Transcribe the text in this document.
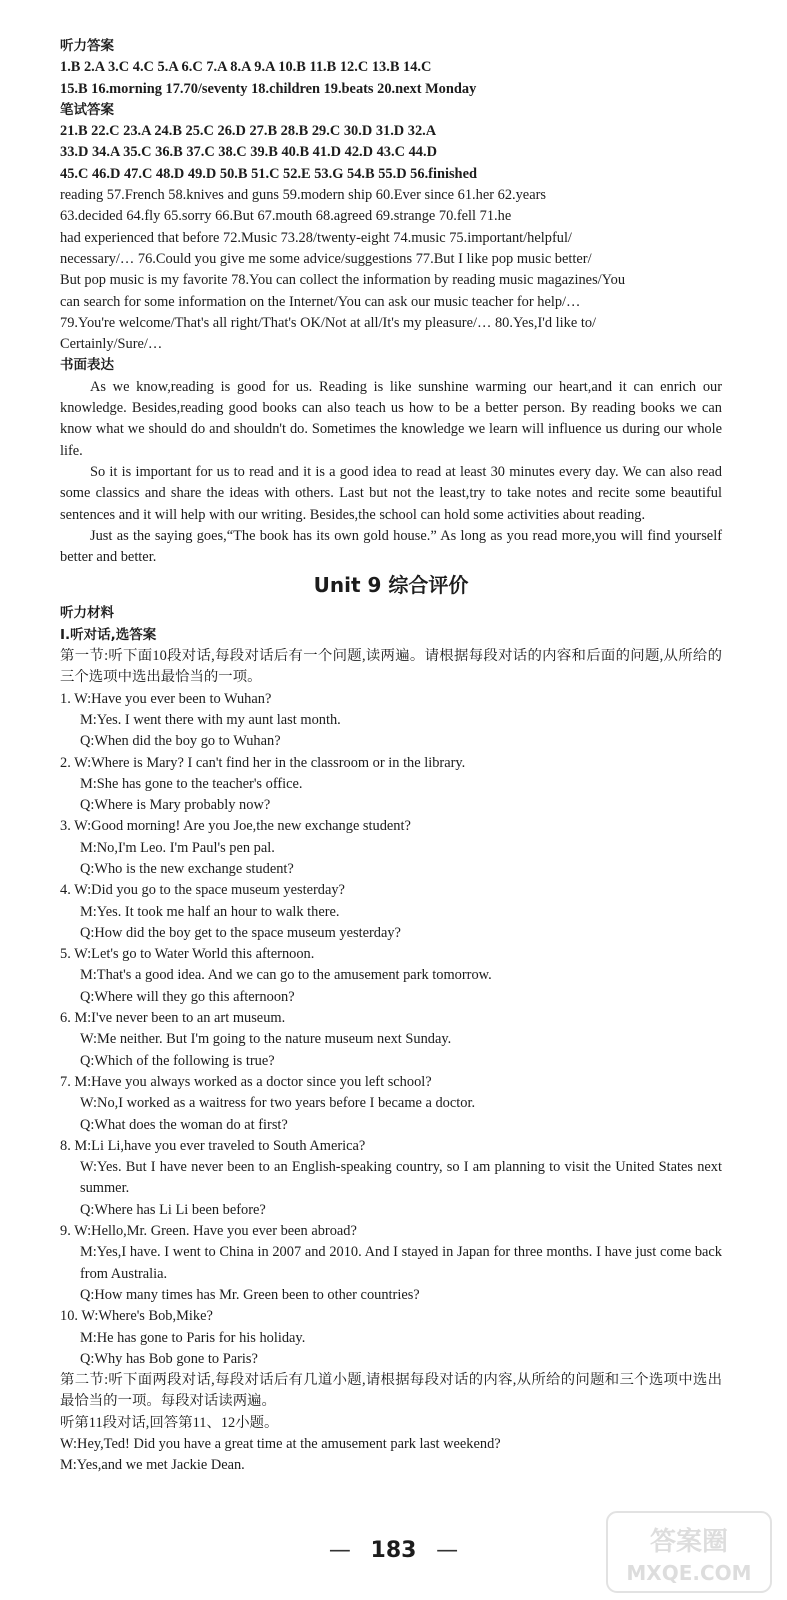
听力答案
1.B 2.A 3.C 4.C 5.A 6.C 7.A 8.A 9.A 10.B 11.B 12.C 13.B 14.C
15.B 16.morning 17.70/seventy 18.children 19.beats 20.next Monday
笔试答案
21.B 22.C 23.A 24.B 25.C 26.D 27.B 28.B 29.C 30.D 31.D 32.A
33.D 34.A 35.C 36.B 37.C 38.C 39.B 40.B 41.D 42.D 43.C 44.D
45.C 46.D 47.C 48.D 49.D 50.B 51.C 52.E 53.G 54.B 55.D 56.finished
reading 57.French 58.knives and guns 59.modern ship 60.Ever since 61.her 62.years
63.decided 64.fly 65.sorry 66.But 67.mouth 68.agreed 69.strange 70.fell 71.he
had experienced that before 72.Music 73.28/twenty-eight 74.music 75.important/helpful/
necessary/… 76.Could you give me some advice/suggestions 77.But I like pop music better/
But pop music is my favorite 78.You can collect the information by reading music magazines/You
can search for some information on the Internet/You can ask our music teacher for help/…
79.You're welcome/That's all right/That's OK/Not at all/It's my pleasure/… 80.Yes,I'd like to/
Certainly/Sure/…
书面表达
As we know,reading is good for us. Reading is like sunshine warming our heart,and it can enrich our knowledge. Besides,reading good books can also teach us how to be a better person. By reading books we can know what we should do and shouldn't do. Sometimes the knowledge we learn will influence us during our whole life.
So it is important for us to read and it is a good idea to read at least 30 minutes every day. We can also read some classics and share the ideas with others. Last but not the least,try to take notes and recite some beautiful sentences and it will help with our writing. Besides,the school can hold some activities about reading.
Just as the saying goes,“The book has its own gold house.” As long as you read more,you will find yourself better and better.
Unit 9 综合评价
听力材料
Ⅰ.听对话,选答案
第一节:听下面10段对话,每段对话后有一个问题,读两遍。请根据每段对话的内容和后面的问题,从所给的三个选项中选出最恰当的一项。
1. W:Have you ever been to Wuhan?
M:Yes. I went there with my aunt last month.
Q:When did the boy go to Wuhan?
2. W:Where is Mary? I can't find her in the classroom or in the library.
M:She has gone to the teacher's office.
Q:Where is Mary probably now?
3. W:Good morning! Are you Joe,the new exchange student?
M:No,I'm Leo. I'm Paul's pen pal.
Q:Who is the new exchange student?
4. W:Did you go to the space museum yesterday?
M:Yes. It took me half an hour to walk there.
Q:How did the boy get to the space museum yesterday?
5. W:Let's go to Water World this afternoon.
M:That's a good idea. And we can go to the amusement park tomorrow.
Q:Where will they go this afternoon?
6. M:I've never been to an art museum.
W:Me neither. But I'm going to the nature museum next Sunday.
Q:Which of the following is true?
7. M:Have you always worked as a doctor since you left school?
W:No,I worked as a waitress for two years before I became a doctor.
Q:What does the woman do at first?
8. M:Li Li,have you ever traveled to South America?
W:Yes. But I have never been to an English-speaking country, so I am planning to visit the United States next summer.
Q:Where has Li Li been before?
9. W:Hello,Mr. Green. Have you ever been abroad?
M:Yes,I have. I went to China in 2007 and 2010. And I stayed in Japan for three months. I have just come back from Australia.
Q:How many times has Mr. Green been to other countries?
10. W:Where's Bob,Mike?
M:He has gone to Paris for his holiday.
Q:Why has Bob gone to Paris?
第二节:听下面两段对话,每段对话后有几道小题,请根据每段对话的内容,从所给的问题和三个选项中选出最恰当的一项。每段对话读两遍。
听第11段对话,回答第11、12小题。
W:Hey,Ted! Did you have a great time at the amusement park last weekend?
M:Yes,and we met Jackie Dean.
— 183 —	答案圈
MXQE.COM
